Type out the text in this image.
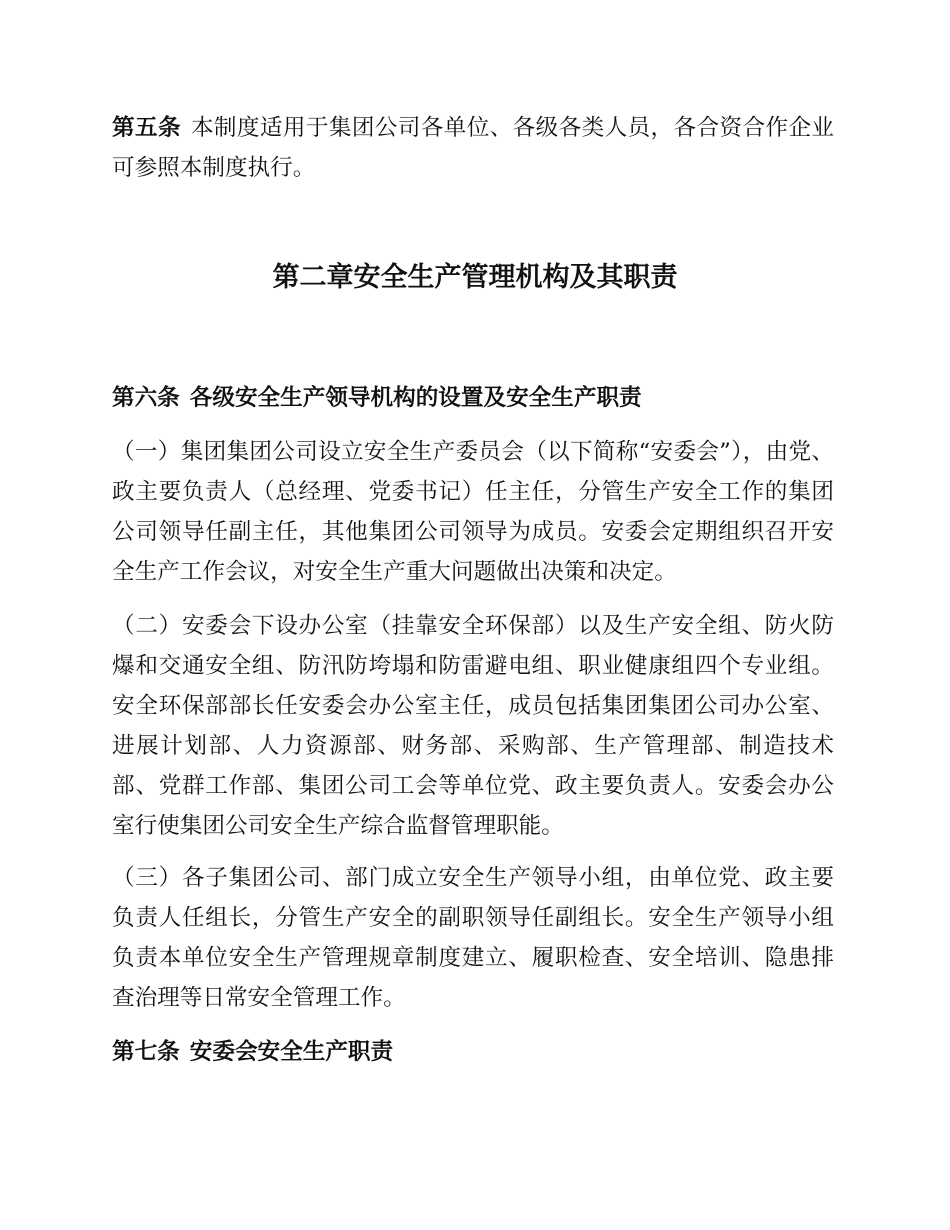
第五条 本制度适用于集团公司各单位、各级各类人员，各合资合作企业可参照本制度执行。

第二章安全生产管理机构及其职责

第六条 各级安全生产领导机构的设置及安全生产职责

（一）集团集团公司设立安全生产委员会（以下简称“安委会”），由党、政主要负责人（总经理、党委书记）任主任，分管生产安全工作的集团公司领导任副主任，其他集团公司领导为成员。安委会定期组织召开安全生产工作会议，对安全生产重大问题做出决策和决定。

（二）安委会下设办公室（挂靠安全环保部）以及生产安全组、防火防爆和交通安全组、防汛防垮塌和防雷避电组、职业健康组四个专业组。安全环保部部长任安委会办公室主任，成员包括集团集团公司办公室、进展计划部、人力资源部、财务部、采购部、生产管理部、制造技术部、党群工作部、集团公司工会等单位党、政主要负责人。安委会办公室行使集团公司安全生产综合监督管理职能。

（三）各子集团公司、部门成立安全生产领导小组，由单位党、政主要负责人任组长，分管生产安全的副职领导任副组长。安全生产领导小组负责本单位安全生产管理规章制度建立、履职检查、安全培训、隐患排查治理等日常安全管理工作。

第七条 安委会安全生产职责
